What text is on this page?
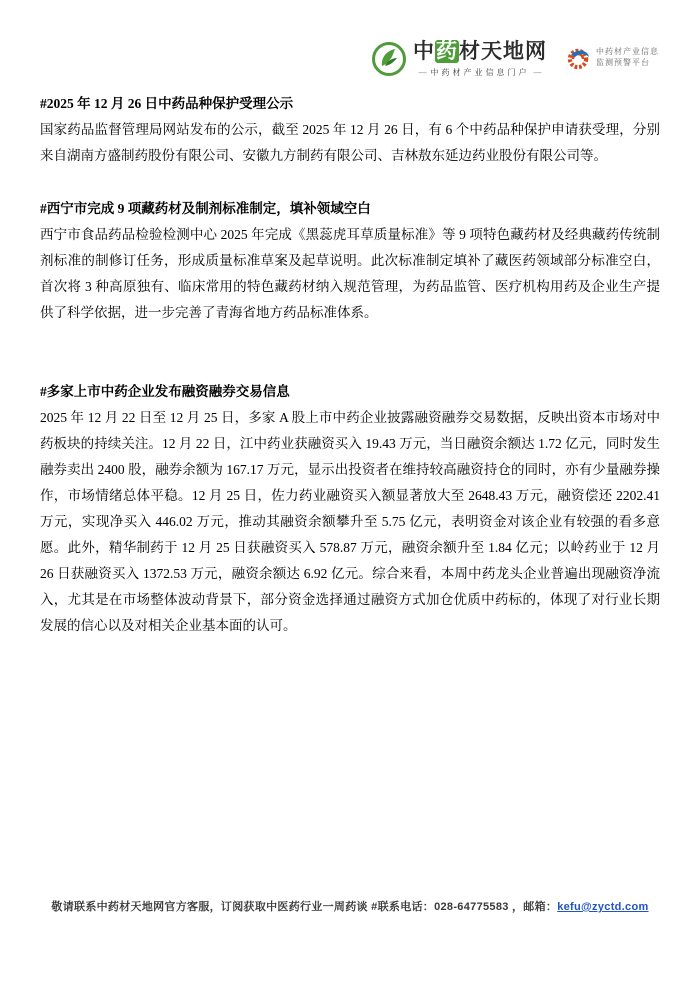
中药材天地网
— 中药材产业信息门户 —
中药材产业信息监测预警平台
#2025 年 12 月 26 日中药品种保护受理公示

国家药品监督管理局网站发布的公示，截至 2025 年 12 月 26 日，有 6 个中药品种保护申请获受理，分别来自湖南方盛制药股份有限公司、安徽九方制药有限公司、吉林敖东延边药业股份有限公司等。

#西宁市完成 9 项藏药材及制剂标准制定，填补领域空白

西宁市食品药品检验检测中心 2025 年完成《黑蕊虎耳草质量标准》等 9 项特色藏药材及经典藏药传统制剂标准的制修订任务，形成质量标准草案及起草说明。此次标准制定填补了藏医药领域部分标准空白，首次将 3 种高原独有、临床常用的特色藏药材纳入规范管理，为药品监管、医疗机构用药及企业生产提供了科学依据，进一步完善了青海省地方药品标准体系。

#多家上市中药企业发布融资融券交易信息

2025 年 12 月 22 日至 12 月 25 日，多家 A 股上市中药企业披露融资融券交易数据，反映出资本市场对中药板块的持续关注。12 月 22 日，江中药业获融资买入 19.43 万元，当日融资余额达 1.72 亿元，同时发生融券卖出 2400 股，融券余额为 167.17 万元，显示出投资者在维持较高融资持仓的同时，亦有少量融券操作，市场情绪总体平稳。12 月 25 日，佐力药业融资买入额显著放大至 2648.43 万元，融资偿还 2202.41 万元，实现净买入 446.02 万元，推动其融资余额攀升至 5.75 亿元，表明资金对该企业有较强的看多意愿。此外，精华制药于 12 月 25 日获融资买入 578.87 万元，融资余额升至 1.84 亿元；以岭药业于 12 月 26 日获融资买入 1372.53 万元，融资余额达 6.92 亿元。综合来看，本周中药龙头企业普遍出现融资净流入，尤其是在市场整体波动背景下，部分资金选择通过融资方式加仓优质中药标的，体现了对行业长期发展的信心以及对相关企业基本面的认可。

敬请联系中药材天地网官方客服，订阅获取中医药行业一周药谈 #联系电话：028-64775583 ，邮箱：kefu@zyctd.com
